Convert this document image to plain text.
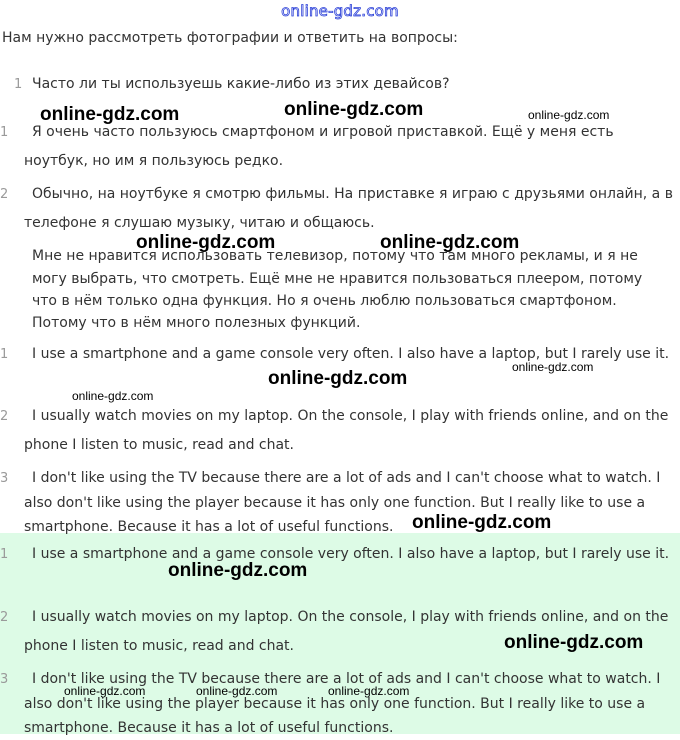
online-gdz.com
Нам нужно рассмотреть фотографии и ответить на вопросы:
1 Часто ли ты используешь какие-либо из этих девайсов?
1 Я очень часто пользуюсь смартфоном и игровой приставкой. Ещё у меня есть ноутбук, но им я пользуюсь редко.
2 Обычно, на ноутбуке я смотрю фильмы. На приставке я играю с друзьями онлайн, а в телефоне я слушаю музыку, читаю и общаюсь.
Мне не нравится использовать телевизор, потому что там много рекламы, и я не могу выбрать, что смотреть. Ещё мне не нравится пользоваться плеером, потому что в нём только одна функция. Но я очень люблю пользоваться смартфоном. Потому что в нём много полезных функций.
1 I use a smartphone and a game console very often. I also have a laptop, but I rarely use it.
2 I usually watch movies on my laptop. On the console, I play with friends online, and on the phone I listen to music, read and chat.
3 I don't like using the TV because there are a lot of ads and I can't choose what to watch. I also don't like using the player because it has only one function. But I really like to use a smartphone. Because it has a lot of useful functions.
1 I use a smartphone and a game console very often. I also have a laptop, but I rarely use it.
2 I usually watch movies on my laptop. On the console, I play with friends online, and on the phone I listen to music, read and chat.
3 I don't like using the TV because there are a lot of ads and I can't choose what to watch. I also don't like using the player because it has only one function. But I really like to use a smartphone. Because it has a lot of useful functions.
online-gdz.com	online-gdz.com	online-gdz.com
online-gdz.com	online-gdz.com
online-gdz.com
online-gdz.com
online-gdz.com
online-gdz.com
online-gdz.com
online-gdz.com
online-gdz.com	online-gdz.com	online-gdz.com
